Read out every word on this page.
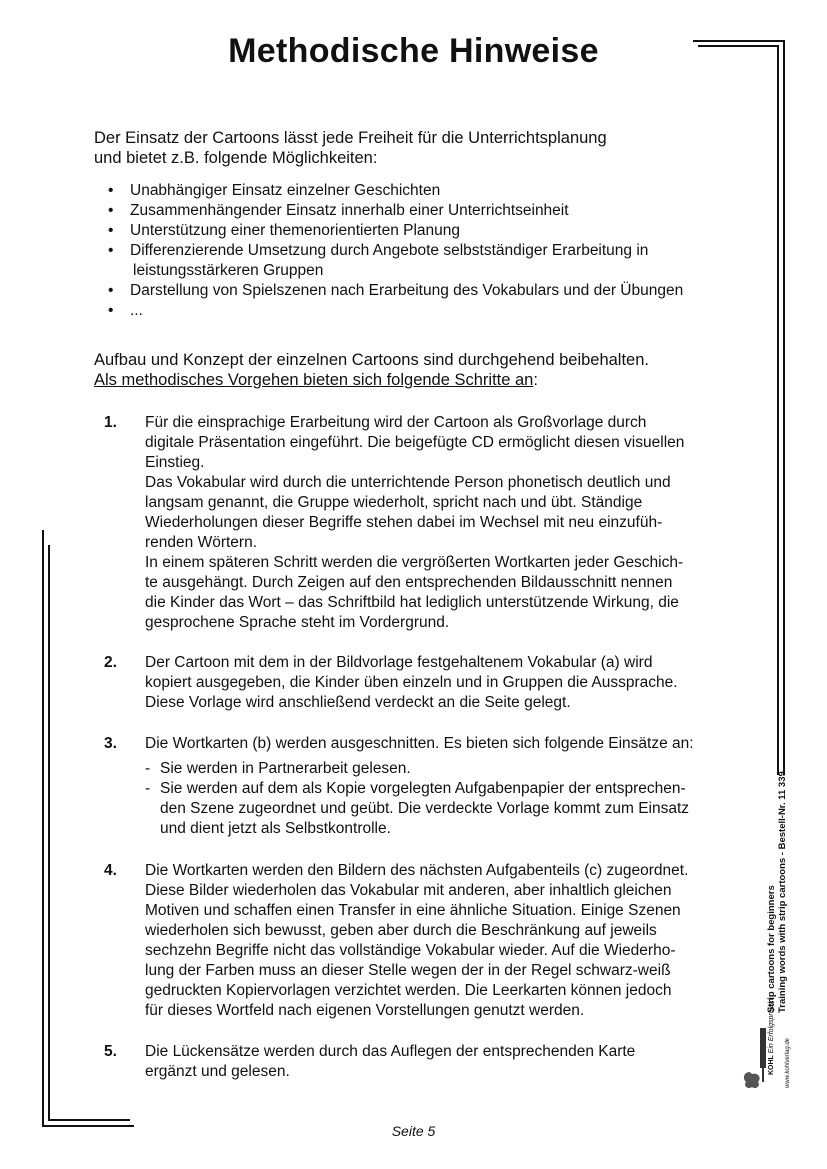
Methodische Hinweise
Der Einsatz der Cartoons lässt jede Freiheit für die Unterrichtsplanung
und bietet z.B. folgende Möglichkeiten:
• Unabhängiger Einsatz einzelner Geschichten
• Zusammenhängender Einsatz innerhalb einer Unterrichtseinheit
• Unterstützung einer themenorientierten Planung
• Differenzierende Umsetzung durch Angebote selbstständiger Erarbeitung in
leistungsstärkeren Gruppen
• Darstellung von Spielszenen nach Erarbeitung des Vokabulars und der Übungen
• ...
Aufbau und Konzept der einzelnen Cartoons sind durchgehend beibehalten.
Als methodisches Vorgehen bieten sich folgende Schritte an:
1. Für die einsprachige Erarbeitung wird der Cartoon als Großvorlage durch
digitale Präsentation eingeführt. Die beigefügte CD ermöglicht diesen visuellen
Einstieg.
Das Vokabular wird durch die unterrichtende Person phonetisch deutlich und
langsam genannt, die Gruppe wiederholt, spricht nach und übt. Ständige
Wiederholungen dieser Begriffe stehen dabei im Wechsel mit neu einzufüh-
renden Wörtern.
In einem späteren Schritt werden die vergrößerten Wortkarten jeder Geschich-
te ausgehängt. Durch Zeigen auf den entsprechenden Bildausschnitt nennen
die Kinder das Wort – das Schriftbild hat lediglich unterstützende Wirkung, die
gesprochene Sprache steht im Vordergrund.
2. Der Cartoon mit dem in der Bildvorlage festgehaltenem Vokabular (a) wird
kopiert ausgegeben, die Kinder üben einzeln und in Gruppen die Aussprache.
Diese Vorlage wird anschließend verdeckt an die Seite gelegt.
3. Die Wortkarten (b) werden ausgeschnitten. Es bieten sich folgende Einsätze an:
- Sie werden in Partnerarbeit gelesen.
- Sie werden auf dem als Kopie vorgelegten Aufgabenpapier der entsprechen-
den Szene zugeordnet und geübt. Die verdeckte Vorlage kommt zum Einsatz
und dient jetzt als Selbstkontrolle.
4. Die Wortkarten werden den Bildern des nächsten Aufgabenteils (c) zugeordnet.
Diese Bilder wiederholen das Vokabular mit anderen, aber inhaltlich gleichen
Motiven und schaffen einen Transfer in eine ähnliche Situation. Einige Szenen
wiederholen sich bewusst, geben aber durch die Beschränkung auf jeweils
sechzehn Begriffe nicht das vollständige Vokabular wieder. Auf die Wiederho-
lung der Farben muss an dieser Stelle wegen der in der Regel schwarz-weiß
gedruckten Kopiervorlagen verzichtet werden. Die Leerkarten können jedoch
für dieses Wortfeld nach eigenen Vorstellungen genutzt werden.
5. Die Lückensätze werden durch das Auflegen der entsprechenden Karte
ergänzt und gelesen.
Strip cartoons for beginners Training words with strip cartoons - Bestell-Nr. 11 339
KOHL Ein Erfolgsprojekt
www.kohlverlag.de
Seite 5
